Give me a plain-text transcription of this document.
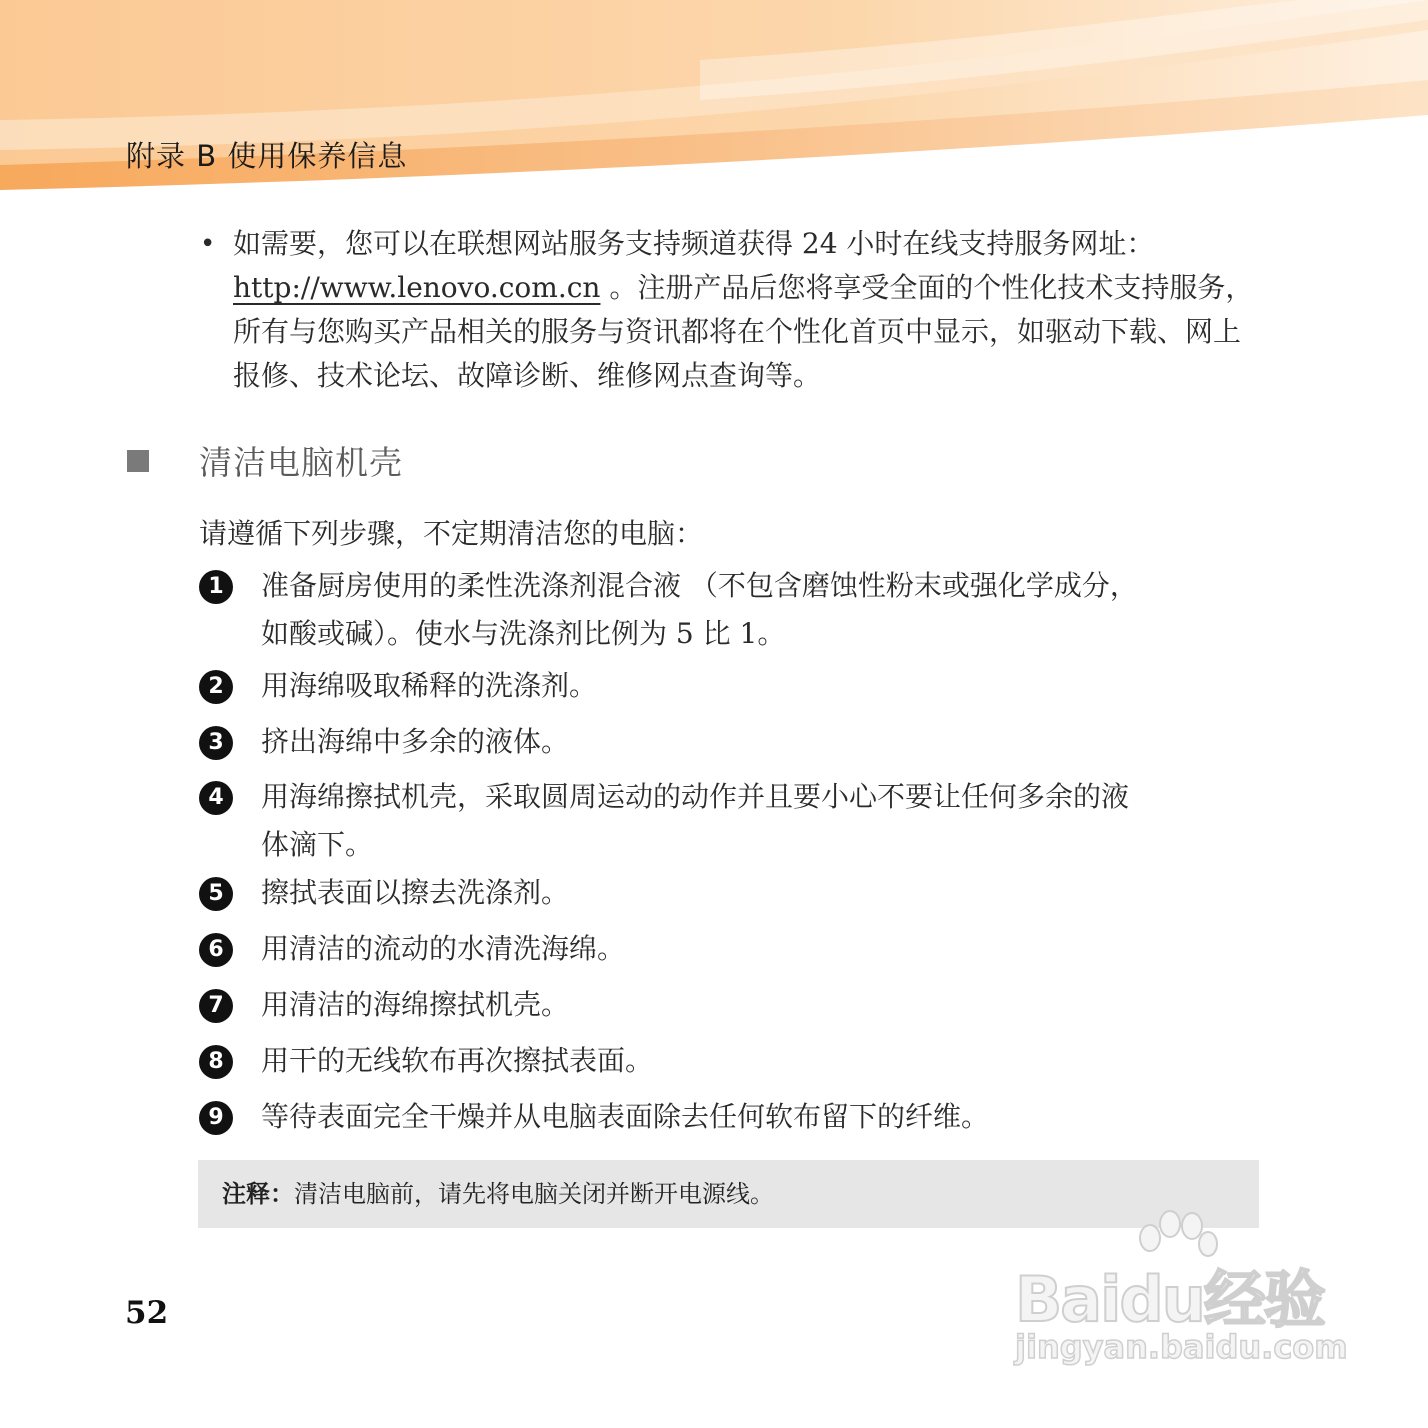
附录 B 使用保养信息
• 如需要，您可以在联想网站服务支持频道获得 24 小时在线支持服务网址：
http://www.lenovo.com.cn 。注册产品后您将享受全面的个性化技术支持服务，所有与您购买产品相关的服务与资讯都将在个性化首页中显示，如驱动下载、网上报修、技术论坛、故障诊断、维修网点查询等。
清洁电脑机壳
请遵循下列步骤，不定期清洁您的电脑：
1	准备厨房使用的柔性洗涤剂混合液 （不包含磨蚀性粉末或强化学成分，
如酸或碱）。使水与洗涤剂比例为 5 比 1。
2	用海绵吸取稀释的洗涤剂。
3	挤出海绵中多余的液体。
4	用海绵擦拭机壳，采取圆周运动的动作并且要小心不要让任何多余的液
体滴下。
5	擦拭表面以擦去洗涤剂。
6	用清洁的流动的水清洗海绵。
7	用清洁的海绵擦拭机壳。
8	用干的无线软布再次擦拭表面。
9	等待表面完全干燥并从电脑表面除去任何软布留下的纤维。
注释：清洁电脑前，请先将电脑关闭并断开电源线。
52	Baidu经验
jingyan.baidu.com
